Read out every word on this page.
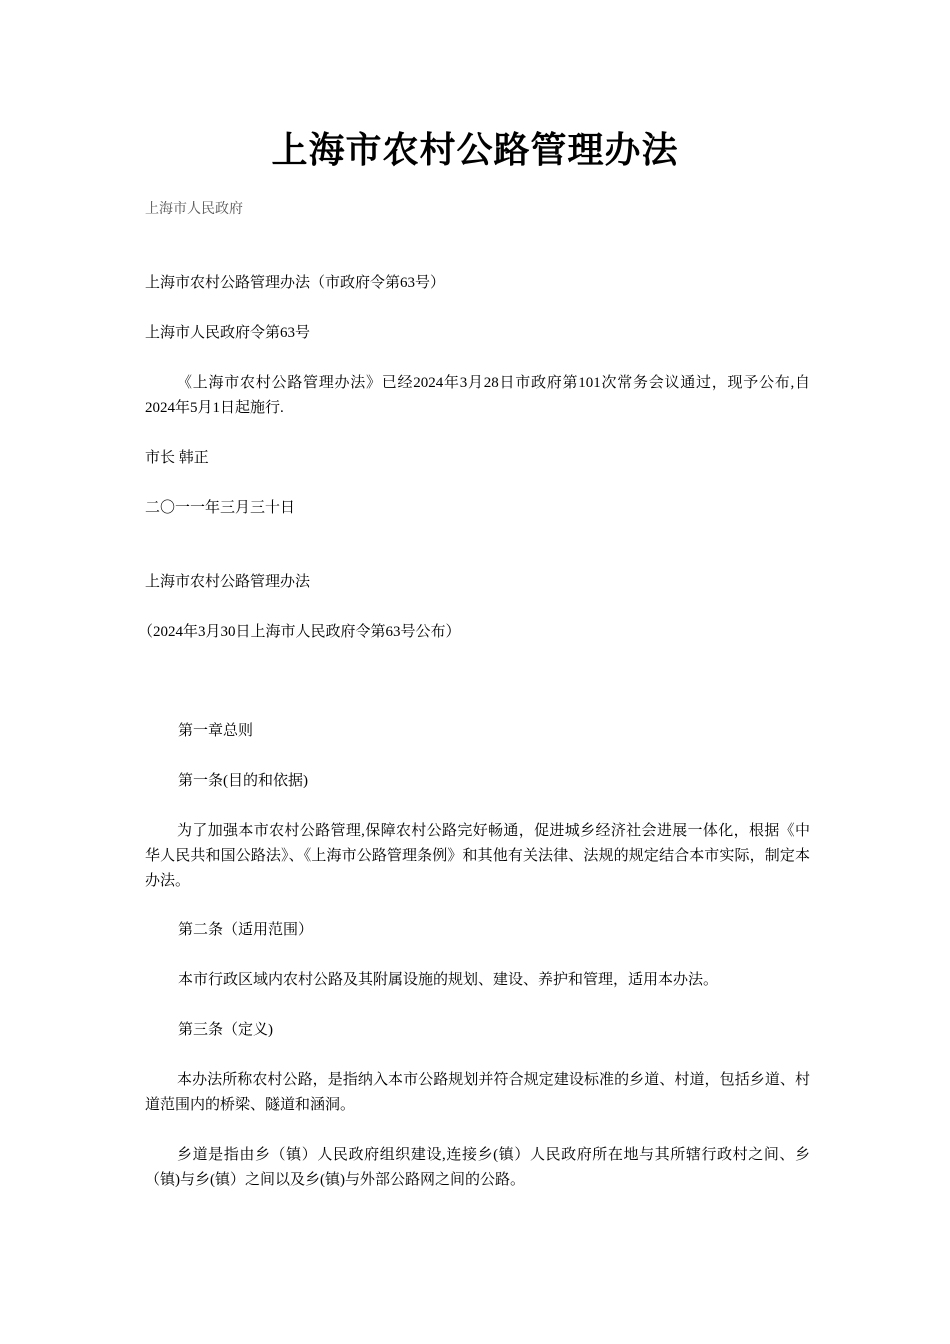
上海市农村公路管理办法
上海市人民政府
上海市农村公路管理办法（市政府令第63号）
上海市人民政府令第63号
《上海市农村公路管理办法》已经2024年3月28日市政府第101次常务会议通过，现予公布,自2024年5月1日起施行.
市长 韩正
二〇一一年三月三十日
上海市农村公路管理办法
（2024年3月30日上海市人民政府令第63号公布）
第一章总则
第一条(目的和依据)
为了加强本市农村公路管理,保障农村公路完好畅通，促进城乡经济社会进展一体化，根据《中华人民共和国公路法》、《上海市公路管理条例》和其他有关法律、法规的规定结合本市实际，制定本办法。
第二条（适用范围）
本市行政区域内农村公路及其附属设施的规划、建设、养护和管理，适用本办法。
第三条（定义)
本办法所称农村公路，是指纳入本市公路规划并符合规定建设标准的乡道、村道，包括乡道、村道范围内的桥梁、隧道和涵洞。
乡道是指由乡（镇）人民政府组织建设,连接乡(镇）人民政府所在地与其所辖行政村之间、乡（镇)与乡(镇）之间以及乡(镇)与外部公路网之间的公路。
